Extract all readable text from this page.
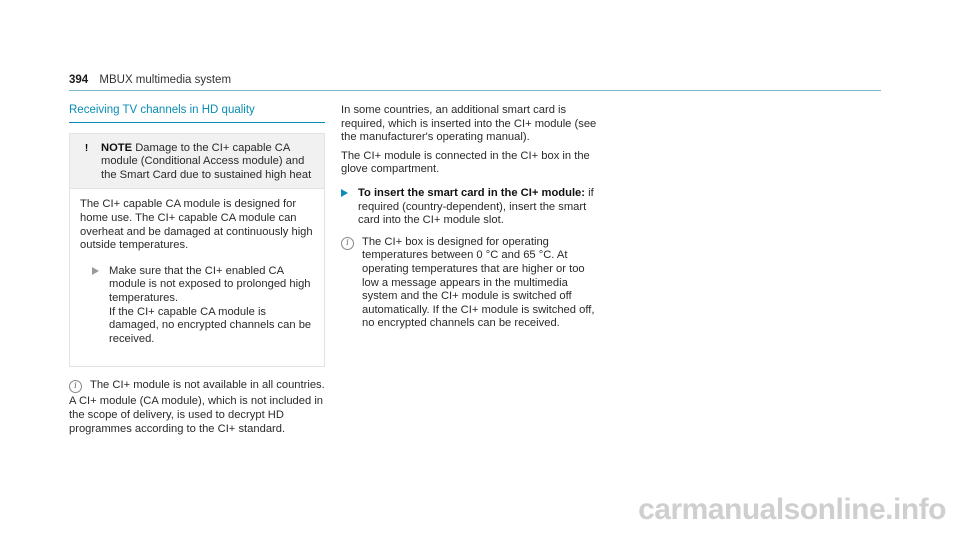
394 MBUX multimedia system
Receiving TV channels in HD quality
!	NOTE Damage to the CI+ capable CA module (Conditional Access module) and the Smart Card due to sustained high heat

The CI+ capable CA module is designed for home use. The CI+ capable CA module can overheat and be damaged at continuously high outside temperatures.

Make sure that the CI+ enabled CA module is not exposed to prolonged high temperatures.

If the CI+ capable CA module is damaged, no encrypted channels can be received.

i	The CI+ module is not available in all countries.

A CI+ module (CA module), which is not included in the scope of delivery, is used to decrypt HD programmes according to the CI+ standard.

In some countries, an additional smart card is required, which is inserted into the CI+ module (see the manufacturer's operating manual).

The CI+ module is connected in the CI+ box in the glove compartment.

To insert the smart card in the CI+ module: if required (country-dependent), insert the smart card into the CI+ module slot.
i	The CI+ box is designed for operating temperatures between 0 °C and 65 °C. At operating temperatures that are higher or too low a message appears in the multimedia system and the CI+ module is switched off automatically. If the CI+ module is switched off, no encrypted channels can be received.
carmanualsonline.info
